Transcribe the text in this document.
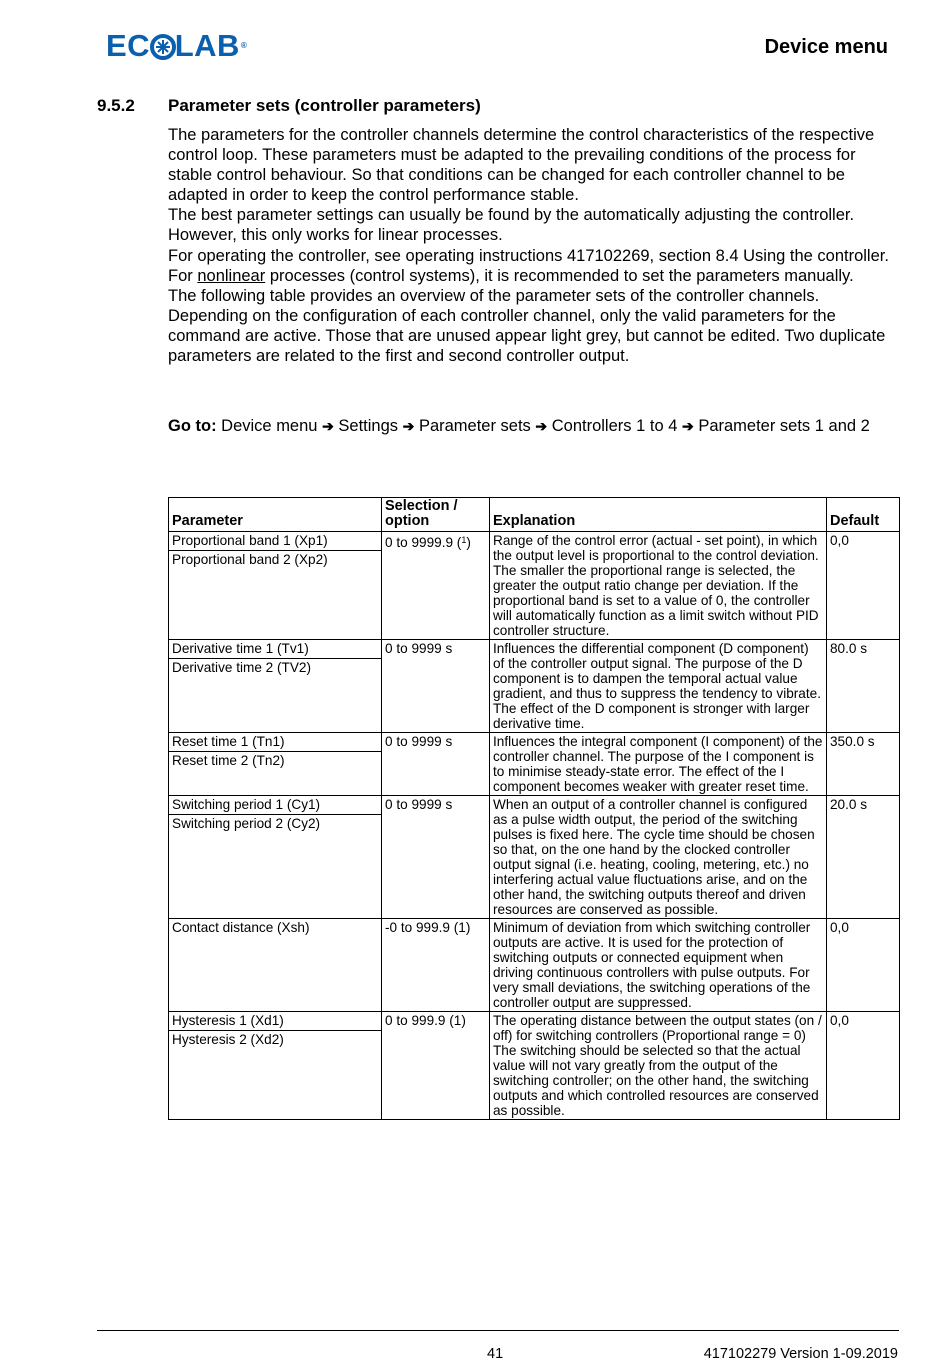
EC LAB®	Device menu
9.5.2 Parameter sets (controller parameters)

The parameters for the controller channels determine the control characteristics of the respective control loop. These parameters must be adapted to the prevailing conditions of the process for stable control behaviour. So that conditions can be changed for each controller channel to be adapted in order to keep the control performance stable.

The best parameter settings can usually be found by the automatically adjusting the controller. However, this only works for linear processes.

For operating the controller, see operating instructions 417102269, section 8.4 Using the controller.

For nonlinear processes (control systems), it is recommended to set the parameters manually.

The following table provides an overview of the parameter sets of the controller channels. Depending on the configuration of each controller channel, only the valid parameters for the command are active. Those that are unused appear light grey, but cannot be edited. Two duplicate parameters are related to the first and second controller output.

Go to: Device menu ➔ Settings ➔ Parameter sets ➔ Controllers 1 to 4 ➔ Parameter sets 1 and 2
Parameter	Selection / option	Explanation	Default

Proportional band 1 (Xp1)
Proportional band 2 (Xp2)	0 to 9999.9 ($^1$)	Range of the control error (actual - set point), in which the output level is proportional to the control deviation. The smaller the proportional range is selected, the greater the output ratio change per deviation. If the proportional band is set to a value of 0, the controller will automatically function as a limit switch without PID controller structure.	0,0

Derivative time 1 (Tv1)
Derivative time 2 (TV2)	0 to 9999 s	Influences the differential component (D component) of the controller output signal. The purpose of the D component is to dampen the temporal actual value gradient, and thus to suppress the tendency to vibrate. The effect of the D component is stronger with larger derivative time.	80.0 s

Reset time 1 (Tn1)
Reset time 2 (Tn2)	0 to 9999 s	Influences the integral component (I component) of the controller channel. The purpose of the I component is to minimise steady-state error. The effect of the I component becomes weaker with greater reset time.	350.0 s

Switching period 1 (Cy1)
Switching period 2 (Cy2)	0 to 9999 s	When an output of a controller channel is configured as a pulse width output, the period of the switching pulses is fixed here. The cycle time should be chosen so that, on the one hand by the clocked controller output signal (i.e. heating, cooling, metering, etc.) no interfering actual value fluctuations arise, and on the other hand, the switching outputs thereof and driven resources are conserved as possible.	20.0 s
Contact distance (Xsh)	-0 to 999.9 (1)	Minimum of deviation from which switching controller outputs are active. It is used for the protection of switching outputs or connected equipment when driving continuous controllers with pulse outputs. For very small deviations, the switching operations of the controller output are suppressed.	0,0

Hysteresis 1 (Xd1)
Hysteresis 2 (Xd2)	0 to 999.9 (1)	The operating distance between the output states (on / off) for switching controllers (Proportional range = 0) The switching should be selected so that the actual value will not vary greatly from the output of the switching controller; on the other hand, the switching outputs and which controlled resources are conserved as possible.	0,0
41	417102279 Version 1-09.2019
